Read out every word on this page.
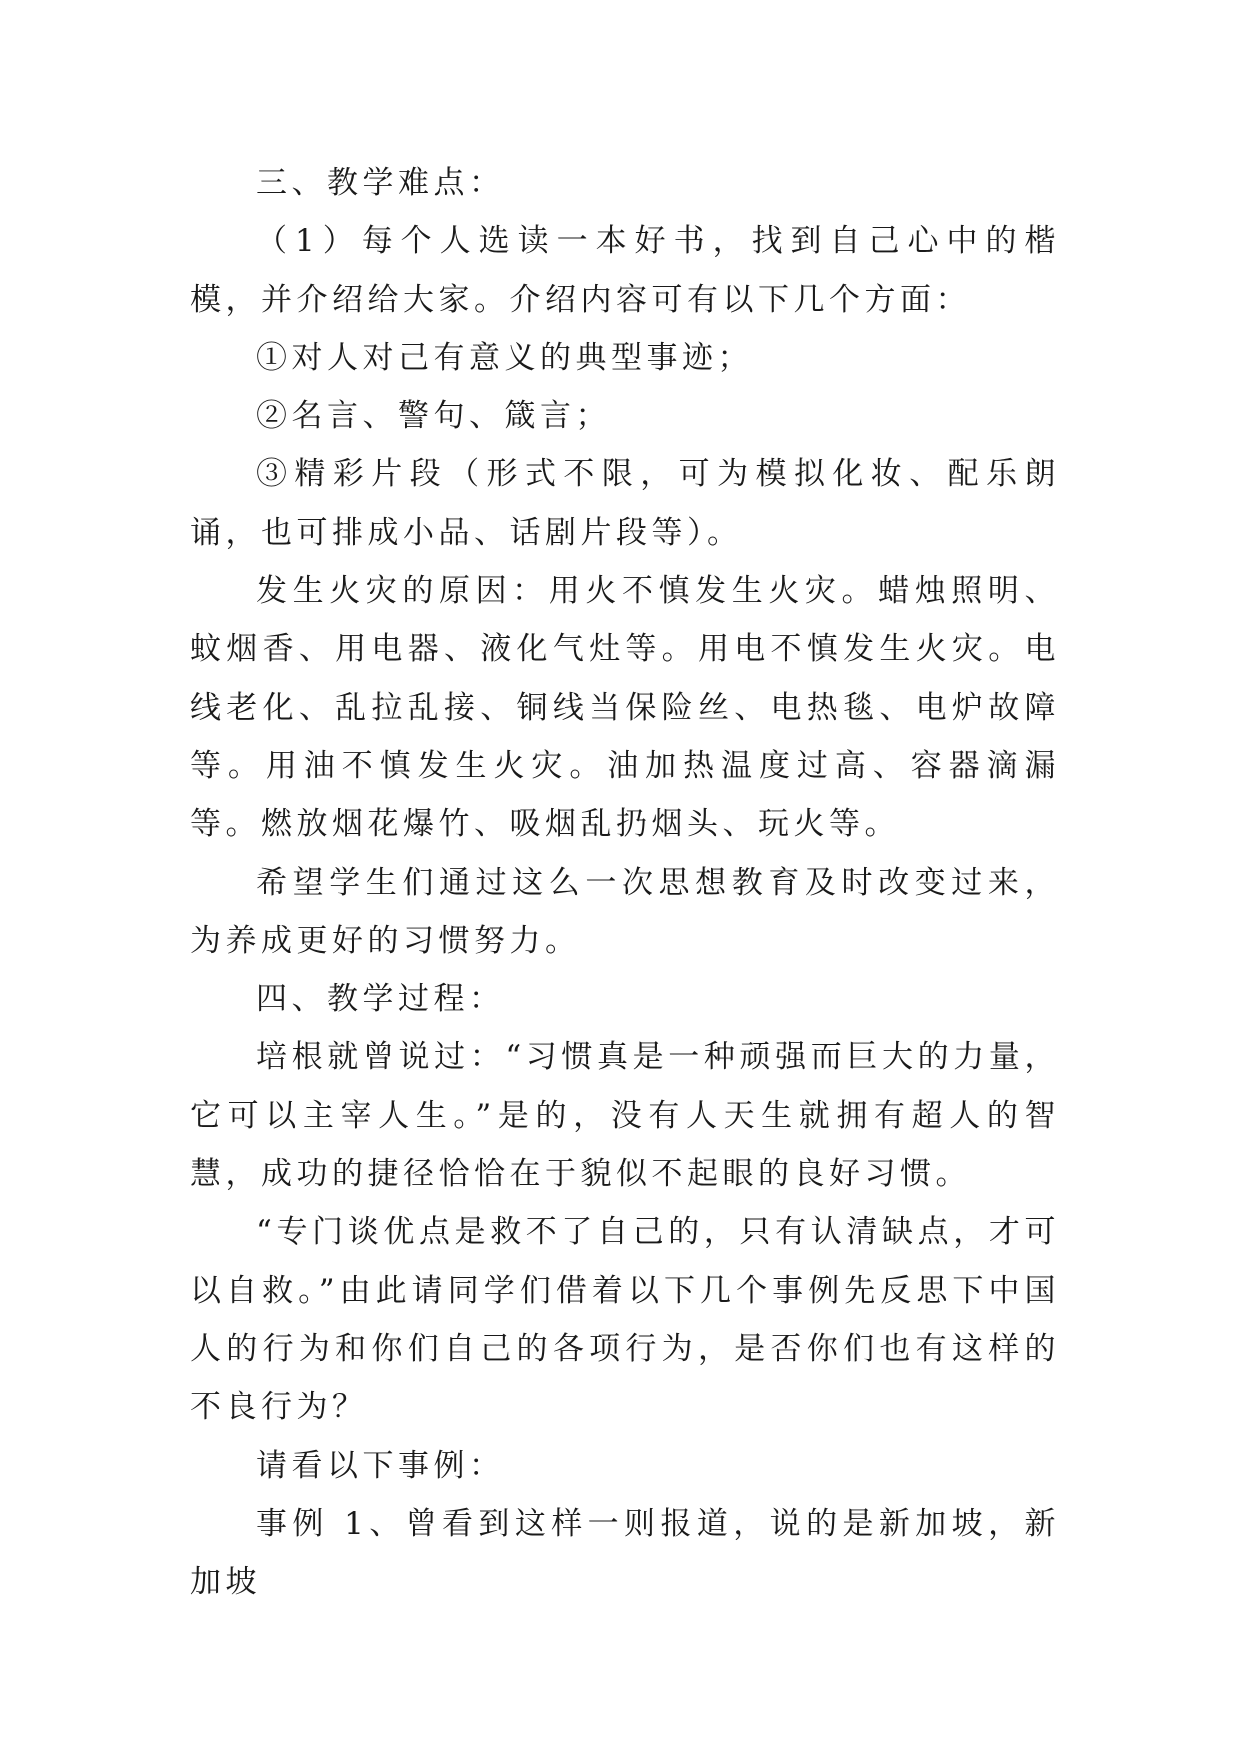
三、教学难点：

（1）每个人选读一本好书，找到自己心中的楷模，并介绍给大家。介绍内容可有以下几个方面：

①对人对己有意义的典型事迹；

②名言、警句、箴言；

③精彩片段（形式不限，可为模拟化妆、配乐朗诵，也可排成小品、话剧片段等）。

发生火灾的原因：用火不慎发生火灾。蜡烛照明、蚊烟香、用电器、液化气灶等。用电不慎发生火灾。电线老化、乱拉乱接、铜线当保险丝、电热毯、电炉故障等。用油不慎发生火灾。油加热温度过高、容器滴漏等。燃放烟花爆竹、吸烟乱扔烟头、玩火等。

希望学生们通过这么一次思想教育及时改变过来，为养成更好的习惯努力。

四、教学过程：

培根就曾说过：“习惯真是一种顽强而巨大的力量，它可以主宰人生。”是的，没有人天生就拥有超人的智慧，成功的捷径恰恰在于貌似不起眼的良好习惯。

“专门谈优点是救不了自己的，只有认清缺点，才可以自救。”由此请同学们借着以下几个事例先反思下中国人的行为和你们自己的各项行为，是否你们也有这样的不良行为？

请看以下事例：

事例 1、曾看到这样一则报道，说的是新加坡，新加坡
